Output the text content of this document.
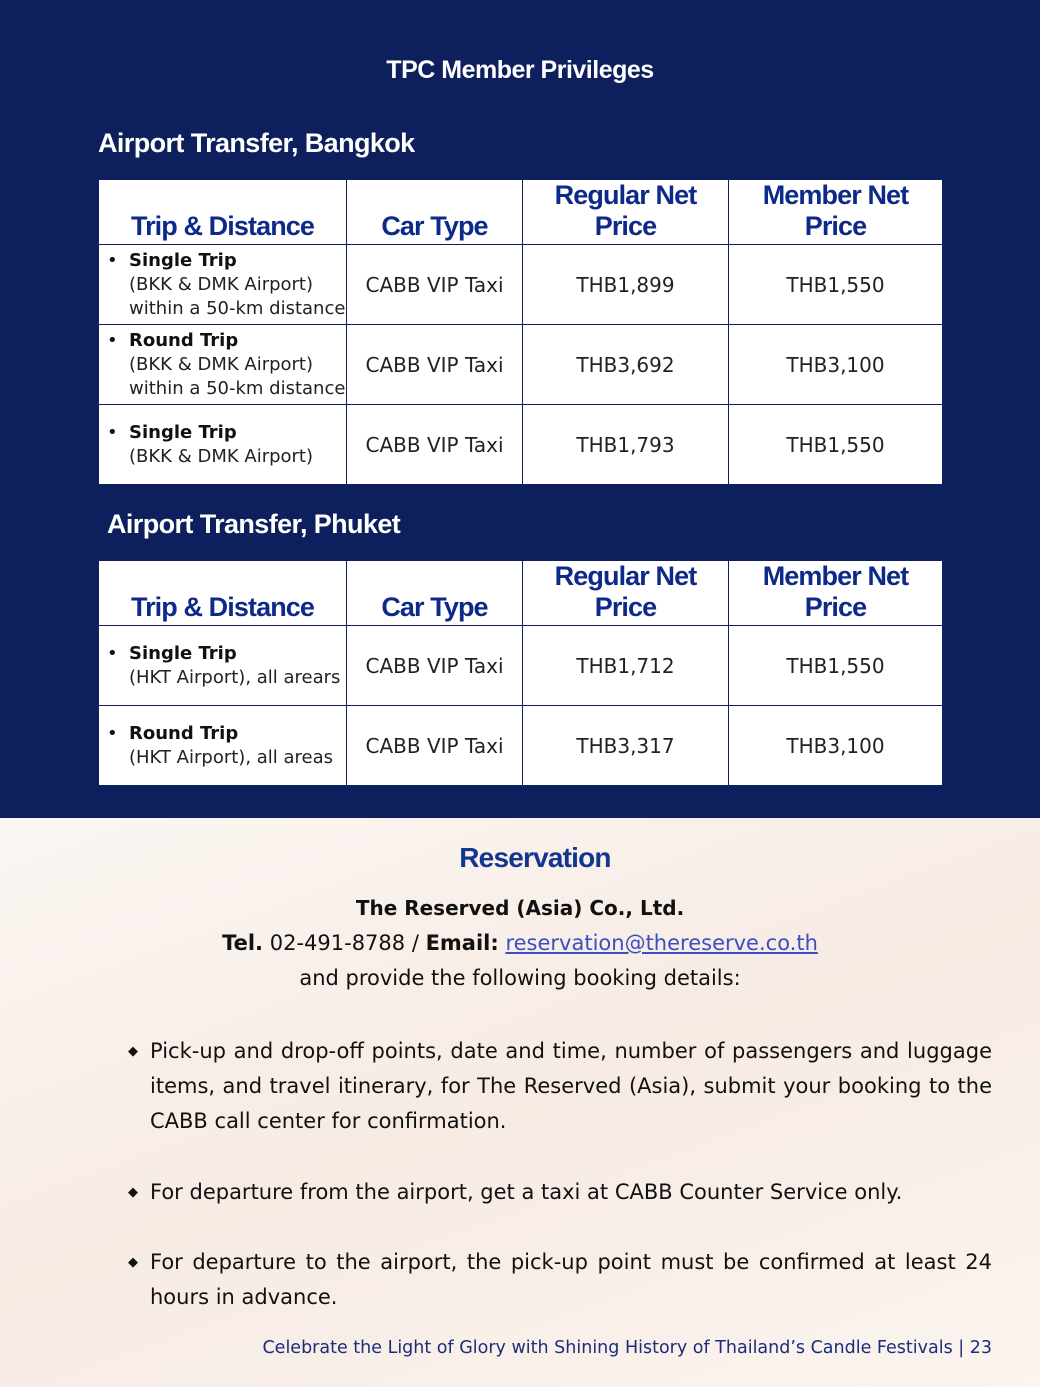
TPC Member Privileges
Airport Transfer, Bangkok
Trip & Distance	Car Type	Regular Net Price	Member Net Price

• Single Trip
(BKK & DMK Airport)
within a 50-km distance	CABB VIP Taxi	THB1,899	THB1,550

• Round Trip
(BKK & DMK Airport)
within a 50-km distance	CABB VIP Taxi	THB3,692	THB3,100

• Single Trip
(BKK & DMK Airport)	CABB VIP Taxi	THB1,793	THB1,550
Airport Transfer, Phuket
Trip & Distance	Car Type	Regular Net Price	Member Net Price

• Single Trip
(HKT Airport), all arears	CABB VIP Taxi	THB1,712	THB1,550

• Round Trip
(HKT Airport), all areas	CABB VIP Taxi	THB3,317	THB3,100
Reservation
The Reserved (Asia) Co., Ltd.
Tel. 02-491-8788 / Email: reservation@thereserve.co.th
and provide the following booking details:
◆ Pick-up and drop-off points, date and time, number of passengers and luggage items, and travel itinerary, for The Reserved (Asia), submit your booking to the CABB call center for confirmation.
◆ For departure from the airport, get a taxi at CABB Counter Service only.
◆ For departure to the airport, the pick-up point must be confirmed at least 24 hours in advance.
Celebrate the Light of Glory with Shining History of Thailand’s Candle Festivals | 23
